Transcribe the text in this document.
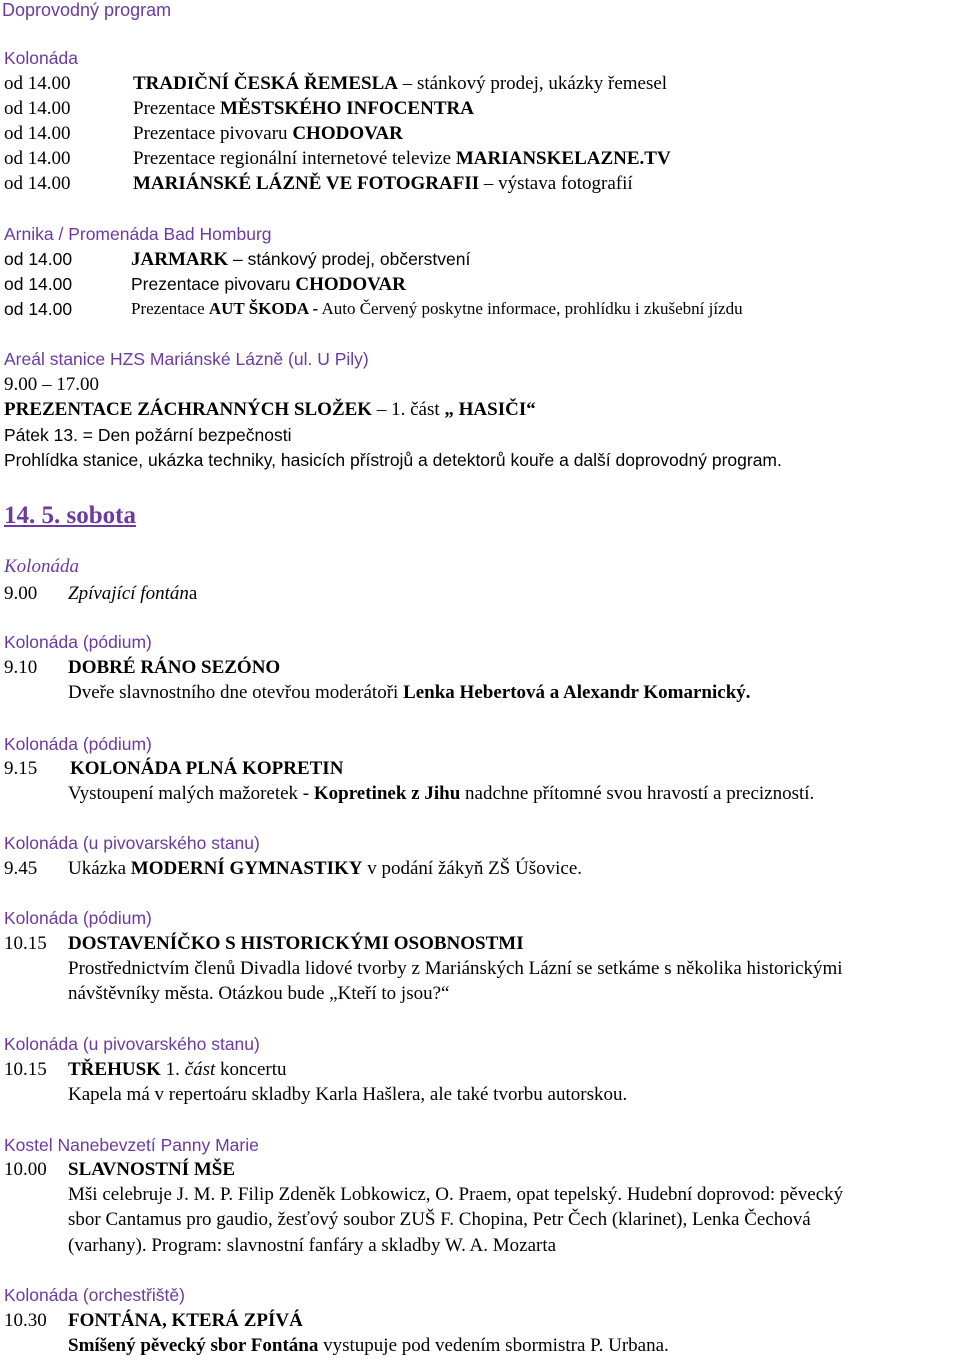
Doprovodný program
Kolonáda
od 14.00	TRADIČNÍ ČESKÁ ŘEMESLA – stánkový prodej, ukázky řemesel
od 14.00	Prezentace MĚSTSKÉHO INFOCENTRA
od 14.00	Prezentace pivovaru CHODOVAR
od 14.00	Prezentace regionální internetové televize MARIANSKELAZNE.TV
od 14.00	MARIÁNSKÉ LÁZNĚ VE FOTOGRAFII – výstava fotografií
Arnika / Promenáda Bad Homburg
od 14.00	JARMARK – stánkový prodej, občerstvení
od 14.00	Prezentace pivovaru CHODOVAR
od 14.00	Prezentace AUT ŠKODA - Auto Červený poskytne informace, prohlídku i zkušební jízdu
Areál stanice HZS Mariánské Lázně (ul. U Pily)
9.00 – 17.00
PREZENTACE ZÁCHRANNÝCH SLOŽEK – 1. část „ HASIČI“
Pátek 13. = Den požární bezpečnosti
Prohlídka stanice, ukázka techniky, hasicích přístrojů a detektorů kouře a další doprovodný program.
14. 5. sobota
Kolonáda
9.00 Zpívající fontána
Kolonáda (pódium)
9.10 DOBRÉ RÁNO SEZÓNO
Dveře slavnostního dne otevřou moderátoři Lenka Hebertová a Alexandr Komarnický.
Kolonáda (pódium)
9.15 KOLONÁDA PLNÁ KOPRETIN
Vystoupení malých mažoretek - Kopretinek z Jihu nadchne přítomné svou hravostí a precizností.
Kolonáda (u pivovarského stanu)
9.45 Ukázka MODERNÍ GYMNASTIKY v podání žákyň ZŠ Úšovice.
Kolonáda (pódium)
10.15 DOSTAVENÍČKO S HISTORICKÝMI OSOBNOSTMI
Prostřednictvím členů Divadla lidové tvorby z Mariánských Lázní se setkáme s několika historickými
návštěvníky města. Otázkou bude „Kteří to jsou?“
Kolonáda (u pivovarského stanu)
10.15 TŘEHUSK 1. část koncertu
Kapela má v repertoáru skladby Karla Hašlera, ale také tvorbu autorskou.
Kostel Nanebevzetí Panny Marie
10.00 SLAVNOSTNÍ MŠE
Mši celebruje J. M. P. Filip Zdeněk Lobkowicz, O. Praem, opat tepelský. Hudební doprovod: pěvecký
sbor Cantamus pro gaudio, žesťový soubor ZUŠ F. Chopina, Petr Čech (klarinet), Lenka Čechová
(varhany). Program: slavnostní fanfáry a skladby W. A. Mozarta
Kolonáda (orchestřiště)
10.30 FONTÁNA, KTERÁ ZPÍVÁ
Smíšený pěvecký sbor Fontána vystupuje pod vedením sbormistra P. Urbana.
